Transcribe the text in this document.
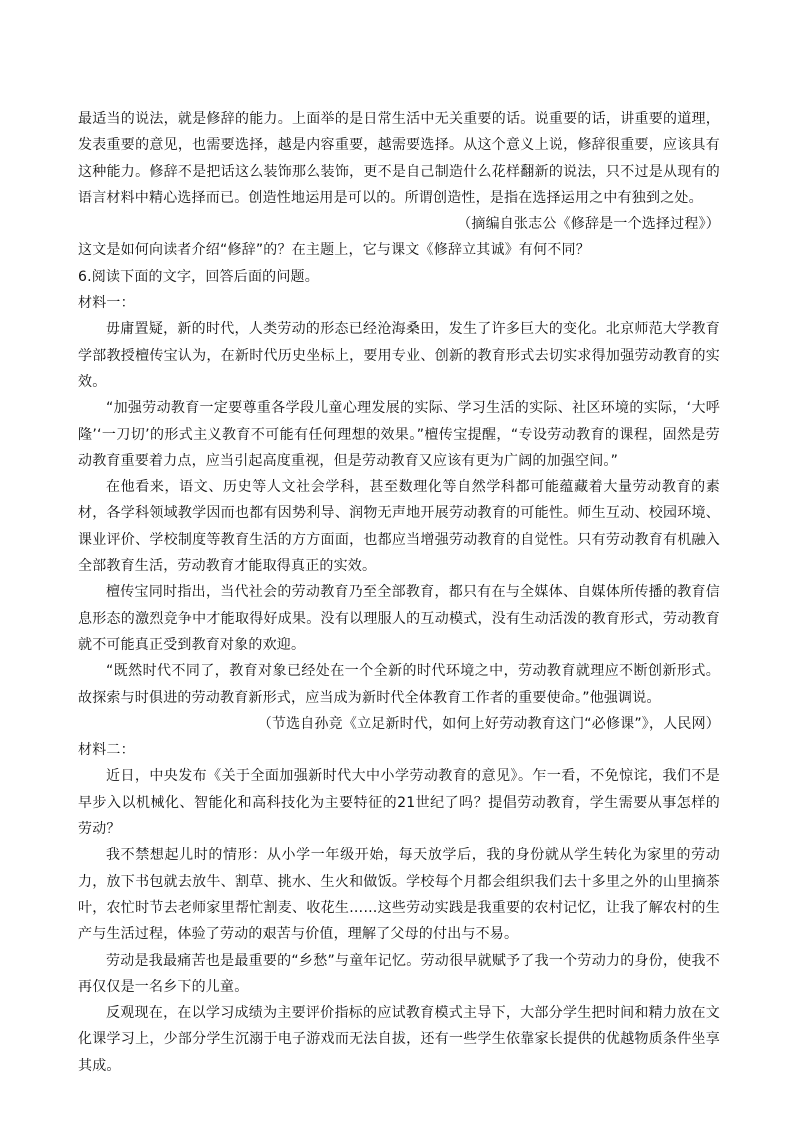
最适当的说法，就是修辞的能力。上面举的是日常生活中无关重要的话。说重要的话，讲重要的道理，发表重要的意见，也需要选择，越是内容重要，越需要选择。从这个意义上说，修辞很重要，应该具有这种能力。修辞不是把话这么装饰那么装饰，更不是自己制造什么花样翻新的说法，只不过是从现有的语言材料中精心选择而已。创造性地运用是可以的。所谓创造性，是指在选择运用之中有独到之处。

（摘编自张志公《修辞是一个选择过程》）

这文是如何向读者介绍“修辞”的？在主题上，它与课文《修辞立其诚》有何不同？

6.阅读下面的文字，回答后面的问题。

材料一：

毋庸置疑，新的时代，人类劳动的形态已经沧海桑田，发生了许多巨大的变化。北京师范大学教育学部教授檀传宝认为，在新时代历史坐标上，要用专业、创新的教育形式去切实求得加强劳动教育的实效。

“加强劳动教育一定要尊重各学段儿童心理发展的实际、学习生活的实际、社区环境的实际，‘大呼隆’‘一刀切’的形式主义教育不可能有任何理想的效果。”檀传宝提醒，“专设劳动教育的课程，固然是劳动教育重要着力点，应当引起高度重视，但是劳动教育又应该有更为广阔的加强空间。”

在他看来，语文、历史等人文社会学科，甚至数理化等自然学科都可能蕴藏着大量劳动教育的素材，各学科领域教学因而也都有因势利导、润物无声地开展劳动教育的可能性。师生互动、校园环境、课业评价、学校制度等教育生活的方方面面，也都应当增强劳动教育的自觉性。只有劳动教育有机融入全部教育生活，劳动教育才能取得真正的实效。

檀传宝同时指出，当代社会的劳动教育乃至全部教育，都只有在与全媒体、自媒体所传播的教育信息形态的激烈竞争中才能取得好成果。没有以理服人的互动模式，没有生动活泼的教育形式，劳动教育就不可能真正受到教育对象的欢迎。

“既然时代不同了，教育对象已经处在一个全新的时代环境之中，劳动教育就理应不断创新形式。故探索与时俱进的劳动教育新形式，应当成为新时代全体教育工作者的重要使命。”他强调说。

（节选自孙竞《立足新时代，如何上好劳动教育这门“必修课”》，人民网）

材料二：

近日，中央发布《关于全面加强新时代大中小学劳动教育的意见》。乍一看，不免惊诧，我们不是早步入以机械化、智能化和高科技化为主要特征的21世纪了吗？提倡劳动教育，学生需要从事怎样的劳动？

我不禁想起儿时的情形：从小学一年级开始，每天放学后，我的身份就从学生转化为家里的劳动力，放下书包就去放牛、割草、挑水、生火和做饭。学校每个月都会组织我们去十多里之外的山里摘茶叶，农忙时节去老师家里帮忙割麦、收花生……这些劳动实践是我重要的农村记忆，让我了解农村的生产与生活过程，体验了劳动的艰苦与价值，理解了父母的付出与不易。

劳动是我最痛苦也是最重要的“乡愁”与童年记忆。劳动很早就赋予了我一个劳动力的身份，使我不再仅仅是一名乡下的儿童。

反观现在，在以学习成绩为主要评价指标的应试教育模式主导下，大部分学生把时间和精力放在文化课学习上，少部分学生沉溺于电子游戏而无法自拔，还有一些学生依靠家长提供的优越物质条件坐享其成。
